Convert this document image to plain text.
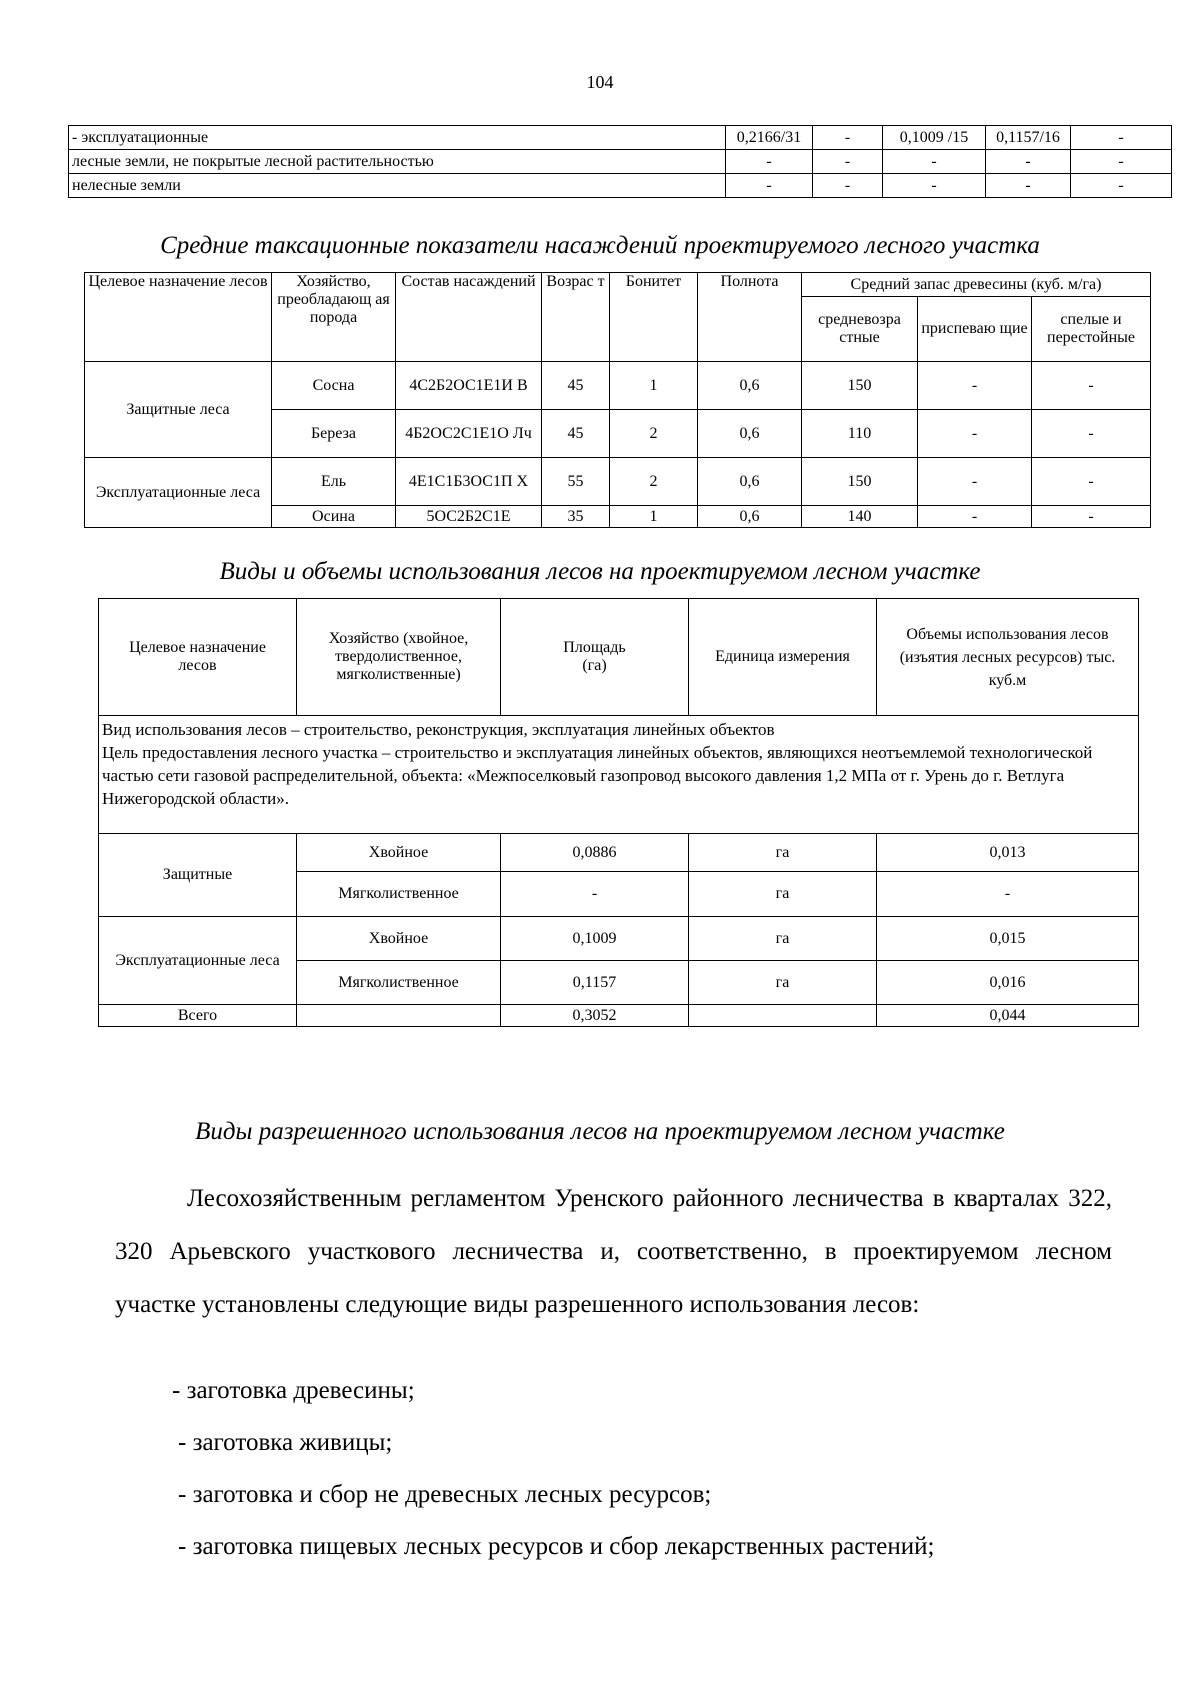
104
- эксплуатационные	0,2166/31	-	0,1009 /15	0,1157/16	-
лесные земли, не покрытые лесной растительностью	-	-	-	-	-
нелесные земли	-	-	-	-	-
Средние таксационные показатели насаждений проектируемого лесного участка
Целевое назначение лесов	Хозяйство, преобладающ ая порода	Состав насаждений	Возрас т	Бонитет	Полнота	Средний запас древесины (куб. м/га)		
						средневозра стные	приспеваю щие	спелые и перестойные
Защитные леса	Сосна	4С2Б2ОС1Е1И В	45	1	0,6	150	-	-
	Береза	4Б2ОС2С1Е1О Лч	45	2	0,6	110	-	-
Эксплуатационные леса	Ель	4Е1С1Б3ОС1П Х	55	2	0,6	150	-	-
	Осина	5ОС2Б2С1Е	35	1	0,6	140	-	-
Виды и объемы использования лесов на проектируемом лесном участке
Целевое назначение лесов	Хозяйство (хвойное, твердолиственное, мягколиственные)	Площадь (га)	Единица измерения	Объемы использования лесов (изъятия лесных ресурсов) тыс. куб.м

Вид использования лесов – строительство, реконструкция, эксплуатация линейных объектов
Цель предоставления лесного участка – строительство и эксплуатация линейных объектов, являющихся неотъемлемой технологической частью сети газовой распределительной, объекта: «Межпоселковый газопровод высокого давления 1,2 МПа от г. Урень до г. Ветлуга Нижегородской области».				

Защитные	Хвойное	0,0886	га	0,013
	Мягколиственное	-	га	-
Эксплуатационные леса	Хвойное	0,1009	га	0,015
	Мягколиственное	0,1157	га	0,016
Всего		0,3052		0,044
Виды разрешенного использования лесов на проектируемом лесном участке
Лесохозяйственным регламентом Уренского районного лесничества в кварталах 322, 320 Арьевского участкового лесничества и, соответственно, в проектируемом лесном участке установлены следующие виды разрешенного использования лесов:
- заготовка древесины;
- заготовка живицы;
- заготовка и сбор не древесных лесных ресурсов;
- заготовка пищевых лесных ресурсов и сбор лекарственных растений;
